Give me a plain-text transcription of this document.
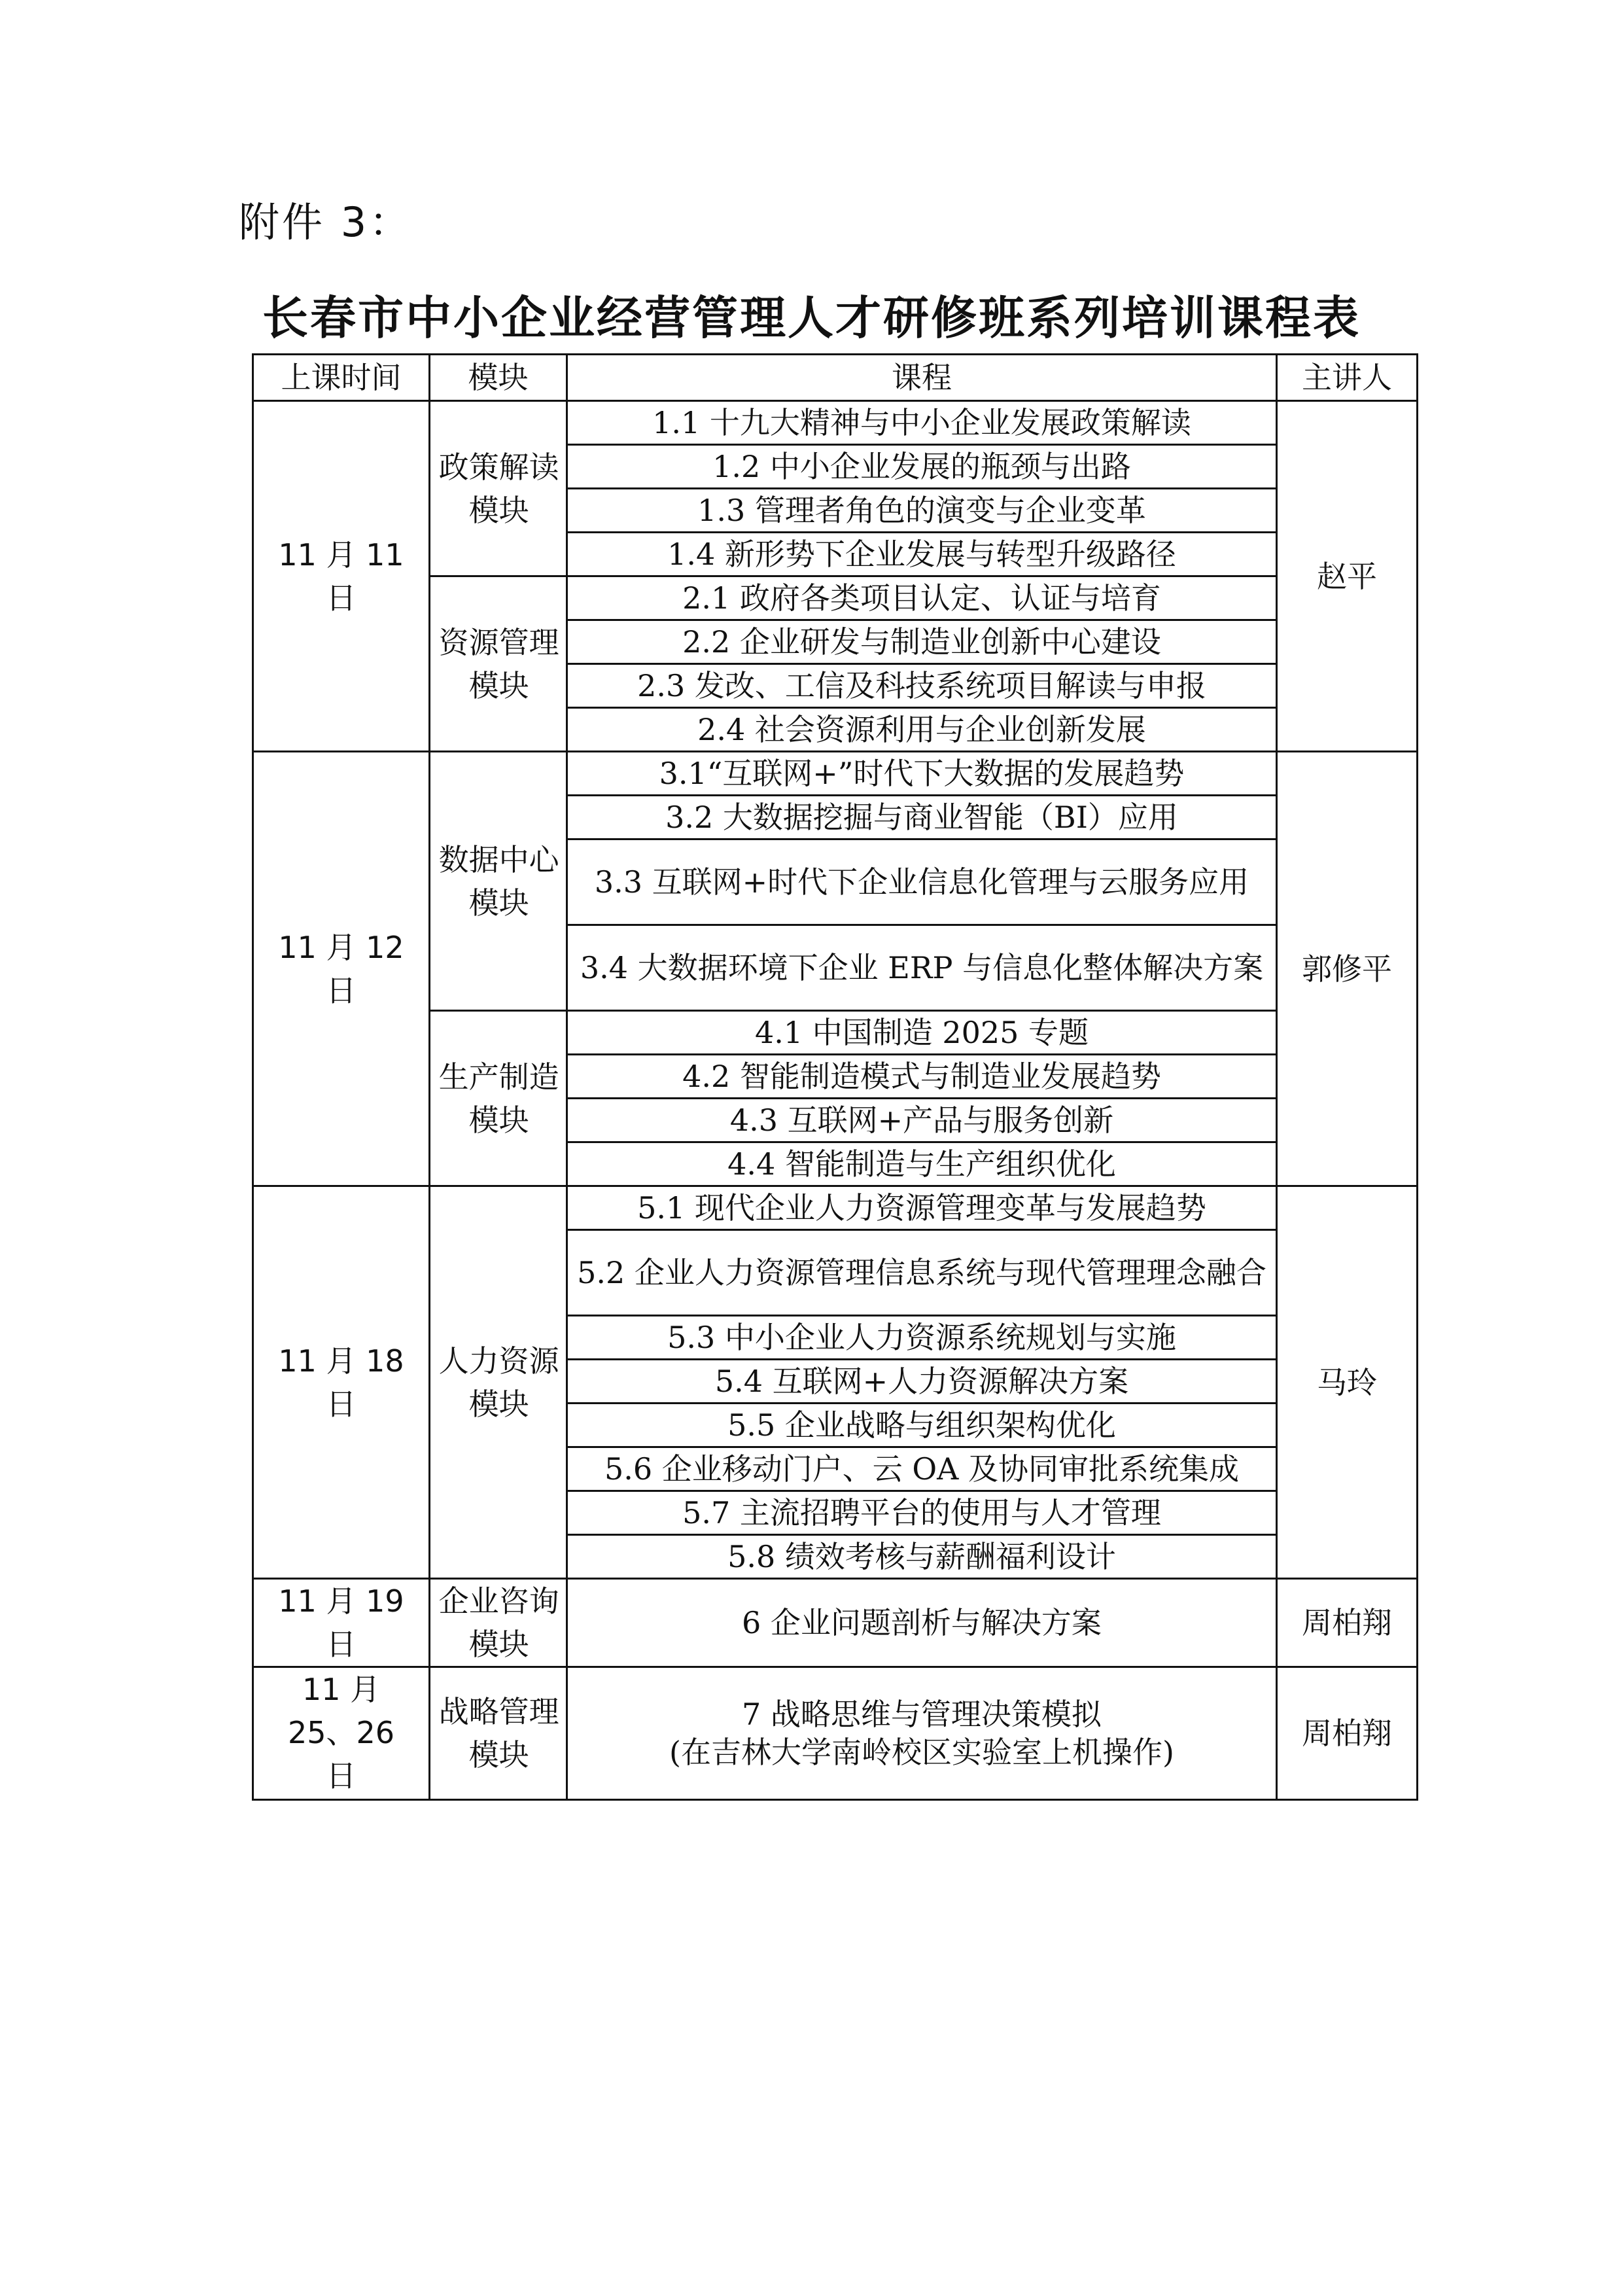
附件 3：
长春市中小企业经营管理人才研修班系列培训课程表
上课时间	模块	课程	主讲人
11 月 11 日	政策解读模块	1.1 十九大精神与中小企业发展政策解读	赵平
		1.2 中小企业发展的瓶颈与出路	
		1.3 管理者角色的演变与企业变革	
		1.4 新形势下企业发展与转型升级路径	
	资源管理模块	2.1 政府各类项目认定、认证与培育	
		2.2 企业研发与制造业创新中心建设	
		2.3 发改、工信及科技系统项目解读与申报	
		2.4 社会资源利用与企业创新发展	
11 月 12 日	数据中心模块	3.1“互联网+”时代下大数据的发展趋势	郭修平
		3.2 大数据挖掘与商业智能（BI）应用	
		3.3 互联网+时代下企业信息化管理与云服务应用	
		3.4 大数据环境下企业 ERP 与信息化整体解决方案	
	生产制造模块	4.1 中国制造 2025 专题	
		4.2 智能制造模式与制造业发展趋势	
		4.3 互联网+产品与服务创新	
		4.4 智能制造与生产组织优化	
11 月 18 日	人力资源模块	5.1 现代企业人力资源管理变革与发展趋势	马玲
		5.2 企业人力资源管理信息系统与现代管理理念融合	
		5.3 中小企业人力资源系统规划与实施	
		5.4 互联网+人力资源解决方案	
		5.5 企业战略与组织架构优化	
		5.6 企业移动门户、云 OA 及协同审批系统集成	
		5.7 主流招聘平台的使用与人才管理	
		5.8 绩效考核与薪酬福利设计	
11 月 19 日	企业咨询模块	6 企业问题剖析与解决方案	周柏翔
11 月 25、26 日	战略管理模块	7 战略思维与管理决策模拟
(在吉林大学南岭校区实验室上机操作)	周柏翔
